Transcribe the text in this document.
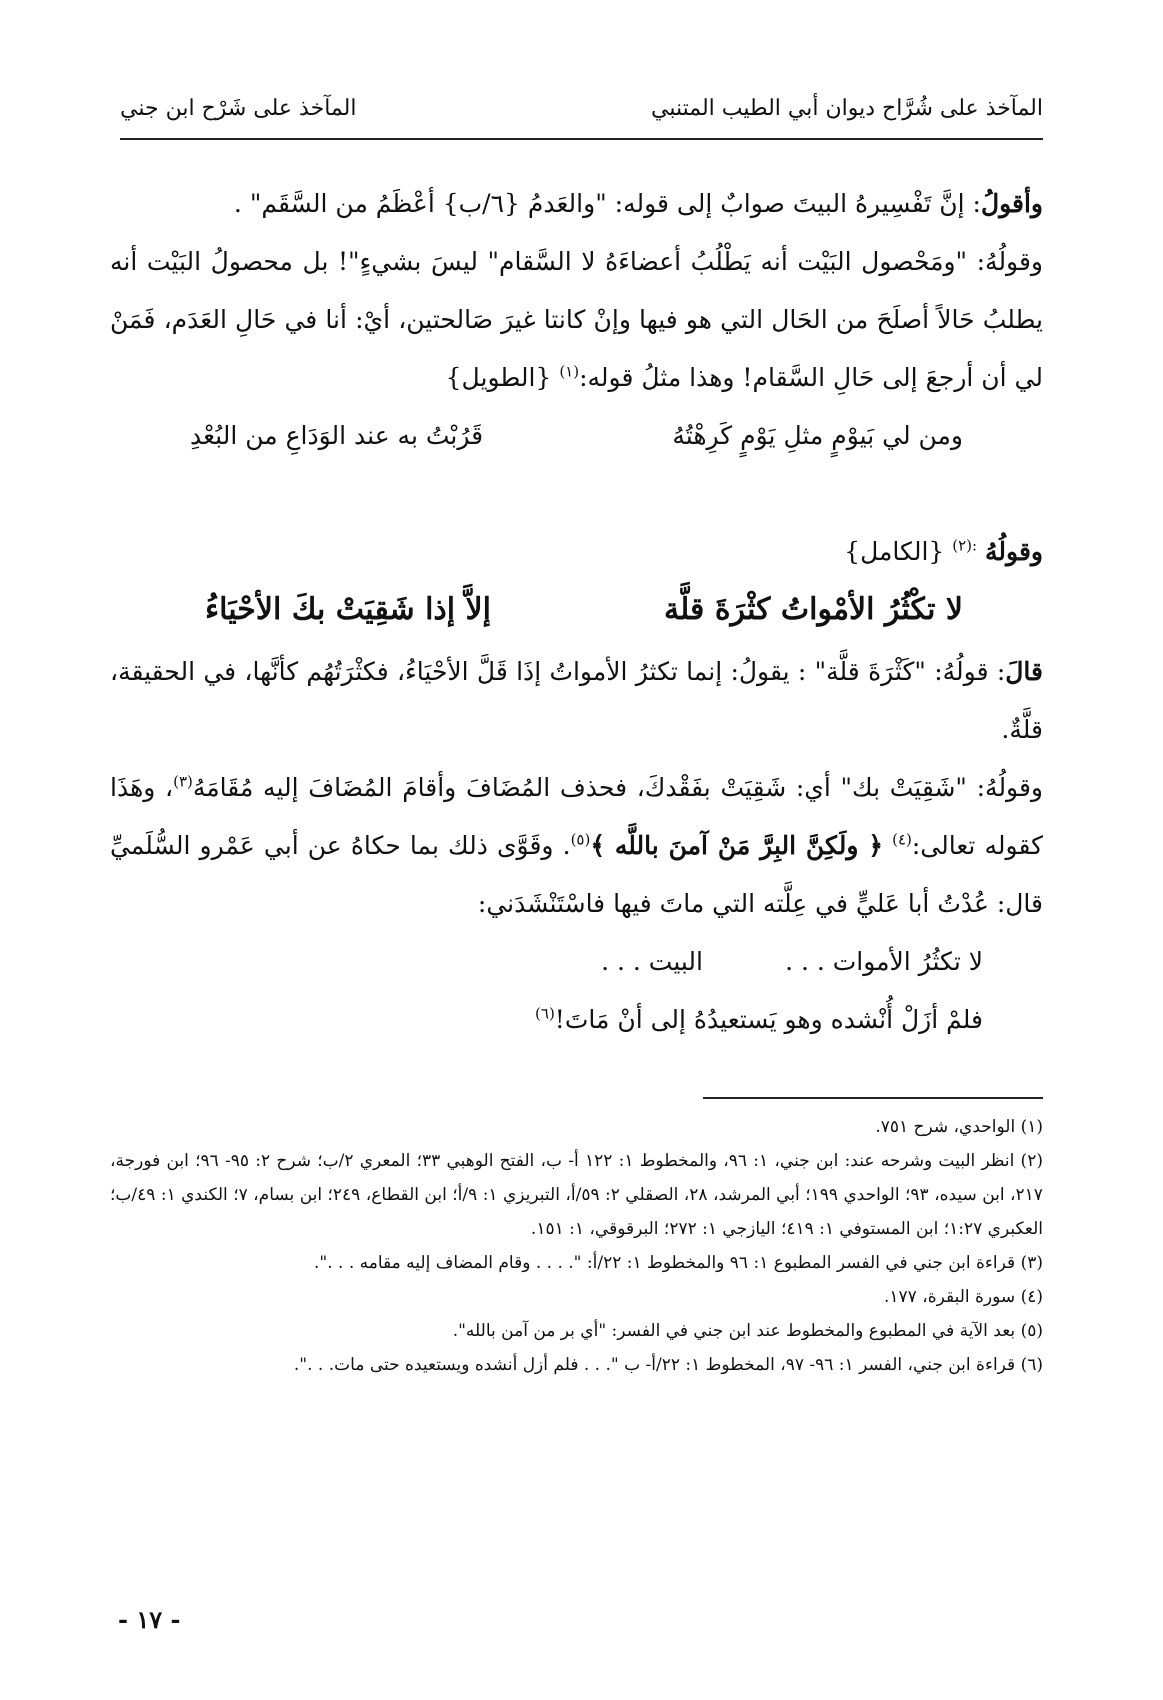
المآخذ على شُرَّاح ديوان أبي الطيب المتنبي
المآخذ على شَرْح ابن جني

وأقولُ: إنَّ تَفْسِيرهُ البيتَ صوابٌ إلى قوله: "والعَدمُ {٦/ب} أعْظَمُ من السَّقَم" .

وقولُهُ: "ومَحْصول البَيْت أنه يَطْلُبُ أعضاءَهُ لا السَّقام" ليسَ بشيءٍ"! بل محصولُ البَيْت أنه يطلبُ حَالاً أصلَحَ من الحَال التي هو فيها وإنْ كانتا غيرَ صَالحتين، أيْ: أنا في حَالِ العَدَم، فَمَنْ لي أن أرجعَ إلى حَالِ السَّقام! وهذا مثلُ قوله:$^{(١)}$ {الطويل}

ومن لي بَيوْمٍ مثلِ يَوْمٍ كَرِهْتُهُ
قَرُبْتُ به عند الوَدَاعِ من البُعْدِ

وقولُهُ $^{:(٢)}$ {الكامل}

لا تكْثُرُ الأمْواتُ كثْرَةَ قلَّة
إلاَّ إذا شَقِيَتْ بكَ الأحْيَاءُ

قالَ: قولُهُ: "كَثْرَةَ قلَّة" : يقولُ: إنما تكثرُ الأمواتُ إذَا قَلَّ الأحْيَاءُ، فكثْرَتُهُم كأنَّها، في الحقيقة، قلَّةٌ.

وقولُهُ: "شَقِيَتْ بك" أي: شَقِيَتْ بفَقْدكَ، فحذف المُضَافَ وأقامَ المُضَافَ إليه مُقَامَهُ$^{(٣)}$، وهَذَا كقوله تعالى:$^{(٤)}$ ﴿ ولَكِنَّ البِرَّ مَنْ آمنَ باللَّه ﴾$^{(٥)}$. وقَوَّى ذلك بما حكاهُ عن أبي عَمْرو السُّلَميِّ قال: عُدْتُ أبا عَليٍّ في عِلَّته التي ماتَ فيها فاسْتَنْشَدَني:

لا تكثُرُ الأموات . . .
البيت . . .

فلمْ أزَلْ أُنْشده وهو يَستعيدُهُ إلى أنْ مَاتَ!$^{(٦)}$

(١) الواحدي، شرح ٧٥١.

(٢) انظر البيت وشرحه عند: ابن جني، ١: ٩٦، والمخطوط ١: ١٢٢ أ- ب، الفتح الوهبي ٣٣؛ المعري ٢/ب؛ شرح ٢: ٩٥- ٩٦؛ ابن فورجة، ٢١٧، ابن سيده، ٩٣؛ الواحدي ١٩٩؛ أبي المرشد، ٢٨، الصقلي ٢: ٥٩/أ، التبريزي ١: ٩/أ؛ ابن القطاع، ٢٤٩؛ ابن بسام، ٧؛ الكندي ١: ٤٩/ب؛ العكبري ١:٢٧؛ ابن المستوفي ١: ٤١٩؛ اليازجي ١: ٢٧٢؛ البرقوقي، ١: ١٥١.

(٣) قراءة ابن جني في الفسر المطبوع ١: ٩٦ والمخطوط ١: ٢٢/أ: ". . . . وقام المضاف إليه مقامه . . .".

(٤) سورة البقرة، ١٧٧.

(٥) بعد الآية في المطبوع والمخطوط عند ابن جني في الفسر: "أي بر من آمن بالله".

(٦) قراءة ابن جني، الفسر ١: ٩٦- ٩٧، المخطوط ١: ٢٢/أ- ب ". . . فلم أزل أنشده ويستعيده حتى مات. . .".

- ١٧ -
